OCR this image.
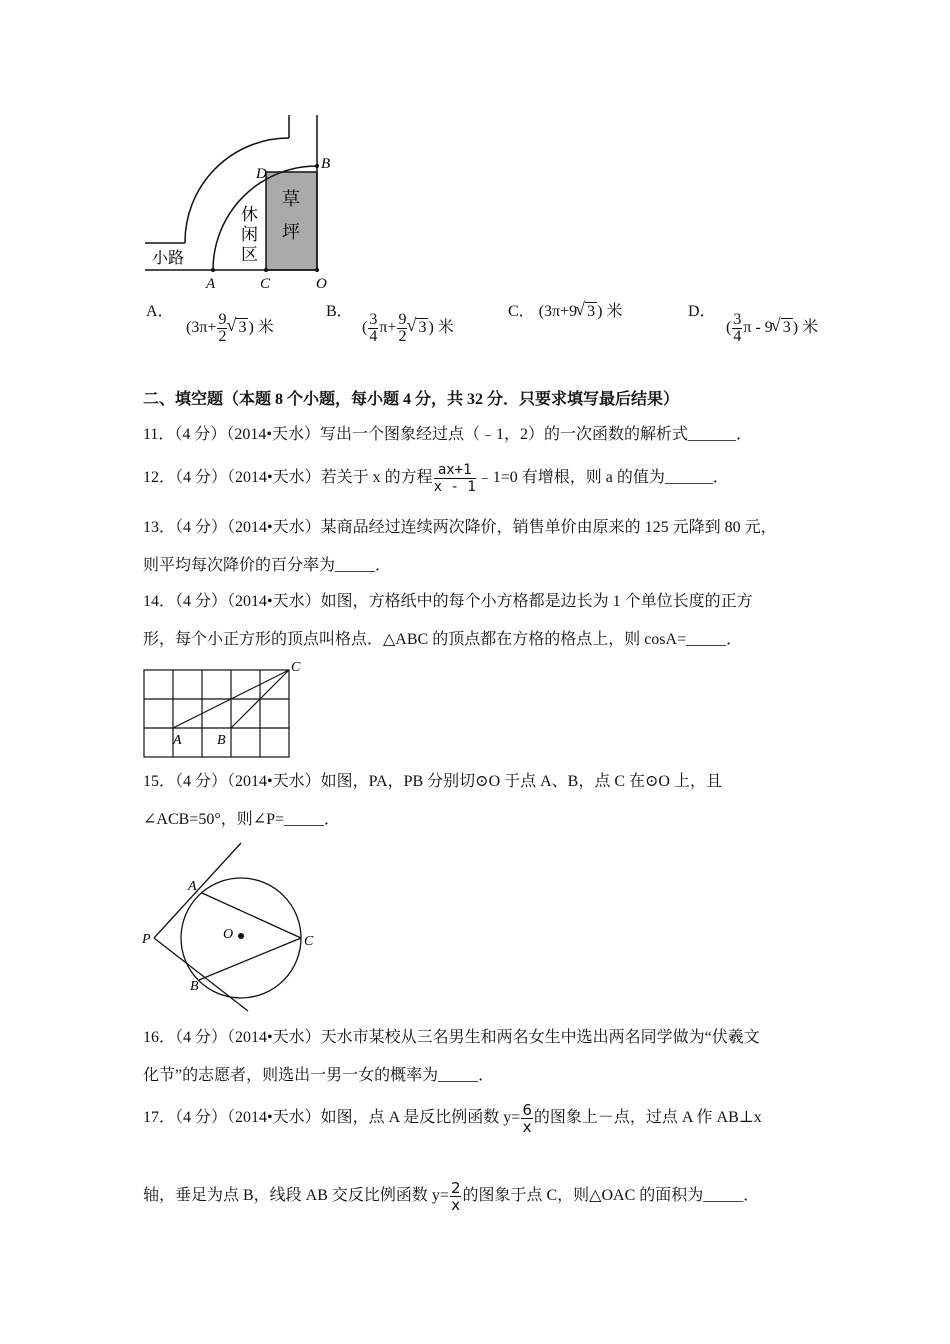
D
B
A	C	O
草
坪
休
闲
区
小路
A．
($3\pi+ \frac{9}{2}$ √ 3 ) 米
B．
( $\frac{3}{4} \pi+ \frac{9}{2}$ √ 3 ) 米
C． (3π+9 √ 3 ) 米	D．
( $\frac{3}{4}$ π - 9 √ 3 ) 米
二、填空题（本题 8 个小题，每小题 4 分，共 32 分．只要求填写最后结果）
11．（4 分）（2014•天水）写出一个图象经过点（﹣1，2）的一次函数的解析式______．
12．（4 分）（2014•天水）若关于 x 的方程 $\frac{ax+1}{x - 1}$ ﹣1=0 有增根，则 a 的值为______．
13．（4 分）（2014•天水）某商品经过连续两次降价，销售单价由原来的 125 元降到 80 元，
则平均每次降价的百分率为_____．
14．（4 分）（2014•天水）如图，方格纸中的每个小方格都是边长为 1 个单位长度的正方
形，每个小正方形的顶点叫格点．△ABC 的顶点都在方格的格点上，则 cosA=_____．
A	B
C
15．（4 分）（2014•天水）如图，PA，PB 分别切⊙O 于点 A、B，点 C 在⊙O 上，且
∠ACB=50°，则∠P=_____．
A
B
C
P	O
16．（4 分）（2014•天水）天水市某校从三名男生和两名女生中选出两名同学做为“伏羲文
化节”的志愿者，则选出一男一女的概率为_____．
17．（4 分）（2014•天水）如图，点 A 是反比例函数 $y= \frac{6}{x}$ 的图象上－点，过点 A 作 AB⊥x
轴，垂足为点 B，线段 AB 交反比例函数 $y= \frac{2}{x}$ 的图象于点 C，则△OAC 的面积为_____．
